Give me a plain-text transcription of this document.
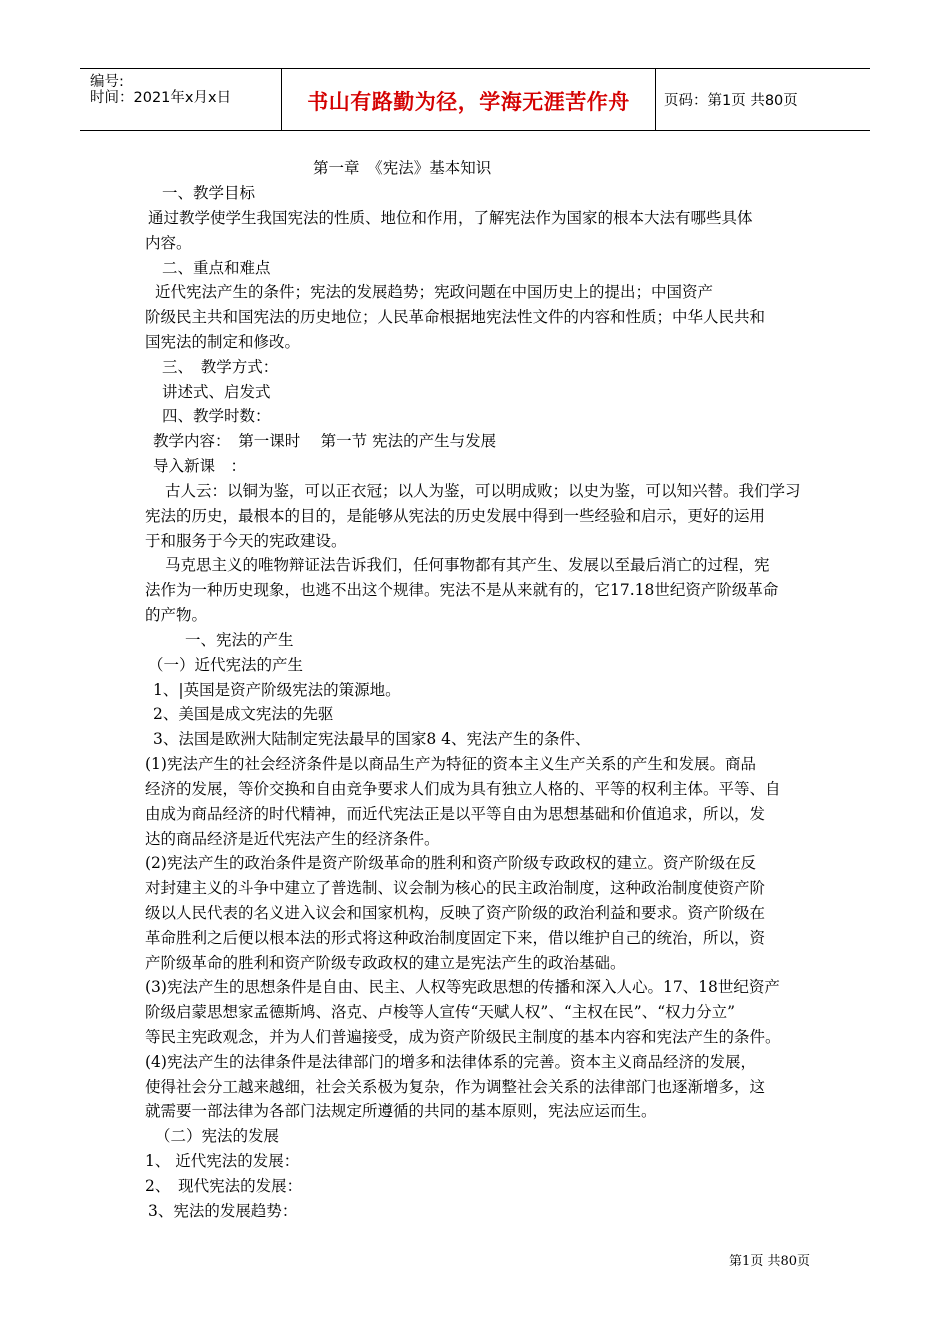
编号:
时间：2021年x月x日	书山有路勤为径，学海无涯苦作舟	页码：第1页 共80页
第一章　《宪法》基本知识
一、教学目标
通过教学使学生我国宪法的性质、地位和作用，了解宪法作为国家的根本大法有哪些具体
内容。
二、重点和难点
近代宪法产生的条件；宪法的发展趋势；宪政问题在中国历史上的提出；中国资产
阶级民主共和国宪法的历史地位；人民革命根据地宪法性文件的内容和性质；中华人民共和
国宪法的制定和修改。
三、　教学方式：
讲述式、启发式
四、教学时数：
教学内容：　第一课时　 第一节 宪法的产生与发展
导入新课　：
古人云：以铜为鉴，可以正衣冠；以人为鉴，可以明成败；以史为鉴，可以知兴替。我们学习
宪法的历史，最根本的目的，是能够从宪法的历史发展中得到一些经验和启示，更好的运用
于和服务于今天的宪政建设。
马克思主义的唯物辩证法告诉我们，任何事物都有其产生、发展以至最后消亡的过程，宪
法作为一种历史现象，也逃不出这个规律。宪法不是从来就有的，它17.18世纪资产阶级革命
的产物。
一、宪法的产生
（一）近代宪法的产生
1、|英国是资产阶级宪法的策源地。
2、美国是成文宪法的先驱
3、法国是欧洲大陆制定宪法最早的国家8 4、宪法产生的条件、
(1)宪法产生的社会经济条件是以商品生产为特征的资本主义生产关系的产生和发展。商品
经济的发展，等价交换和自由竞争要求人们成为具有独立人格的、平等的权利主体。平等、自
由成为商品经济的时代精神，而近代宪法正是以平等自由为思想基础和价值追求，所以，发
达的商品经济是近代宪法产生的经济条件。
(2)宪法产生的政治条件是资产阶级革命的胜利和资产阶级专政政权的建立。资产阶级在反
对封建主义的斗争中建立了普选制、议会制为核心的民主政治制度，这种政治制度使资产阶
级以人民代表的名义进入议会和国家机构，反映了资产阶级的政治利益和要求。资产阶级在
革命胜利之后便以根本法的形式将这种政治制度固定下来，借以维护自己的统治，所以，资
产阶级革命的胜利和资产阶级专政政权的建立是宪法产生的政治基础。
(3)宪法产生的思想条件是自由、民主、人权等宪政思想的传播和深入人心。17、18世纪资产
阶级启蒙思想家孟德斯鸠、洛克、卢梭等人宣传“天赋人权”、“主权在民”、“权力分立”
等民主宪政观念，并为人们普遍接受，成为资产阶级民主制度的基本内容和宪法产生的条件。
(4)宪法产生的法律条件是法律部门的增多和法律体系的完善。资本主义商品经济的发展，
使得社会分工越来越细，社会关系极为复杂，作为调整社会关系的法律部门也逐渐增多，这
就需要一部法律为各部门法规定所遵循的共同的基本原则，宪法应运而生。
（二）宪法的发展
1、 近代宪法的发展：
2、　现代宪法的发展：
3、宪法的发展趋势：
第1页 共80页
